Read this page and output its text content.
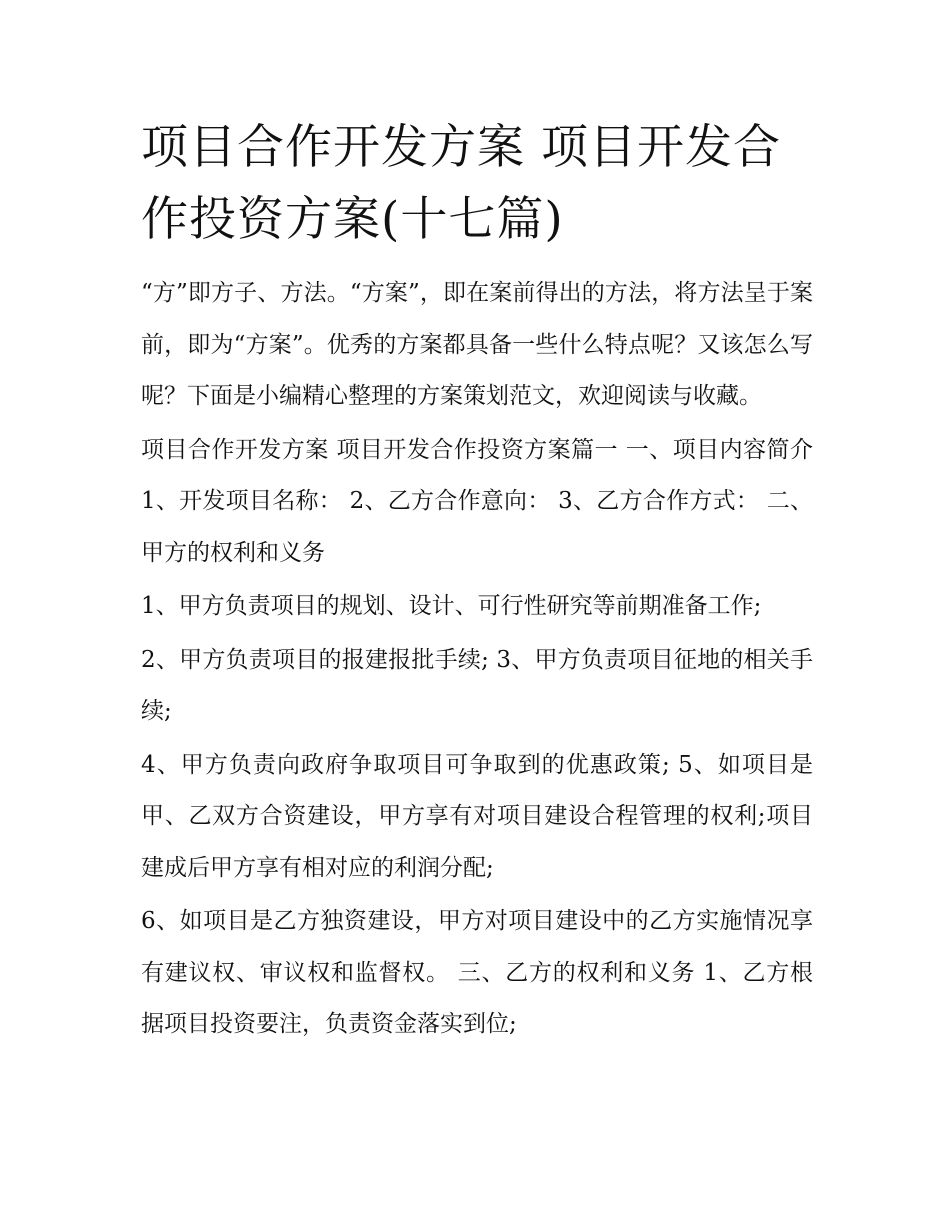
项目合作开发方案 项目开发合作投资方案(十七篇)

“方”即方子、方法。“方案”，即在案前得出的方法，将方法呈于案前，即为“方案”。优秀的方案都具备一些什么特点呢？又该怎么写呢？下面是小编精心整理的方案策划范文，欢迎阅读与收藏。

项目合作开发方案 项目开发合作投资方案篇一 一、项目内容简介 1、开发项目名称： 2、乙方合作意向： 3、乙方合作方式： 二、甲方的权利和义务

1、甲方负责项目的规划、设计、可行性研究等前期准备工作;

2、甲方负责项目的报建报批手续; 3、甲方负责项目征地的相关手续;

4、甲方负责向政府争取项目可争取到的优惠政策; 5、如项目是甲、乙双方合资建设，甲方享有对项目建设合程管理的权利;项目建成后甲方享有相对应的利润分配;

6、如项目是乙方独资建设，甲方对项目建设中的乙方实施情况享有建议权、审议权和监督权。 三、乙方的权利和义务 1、乙方根据项目投资要注，负责资金落实到位;
